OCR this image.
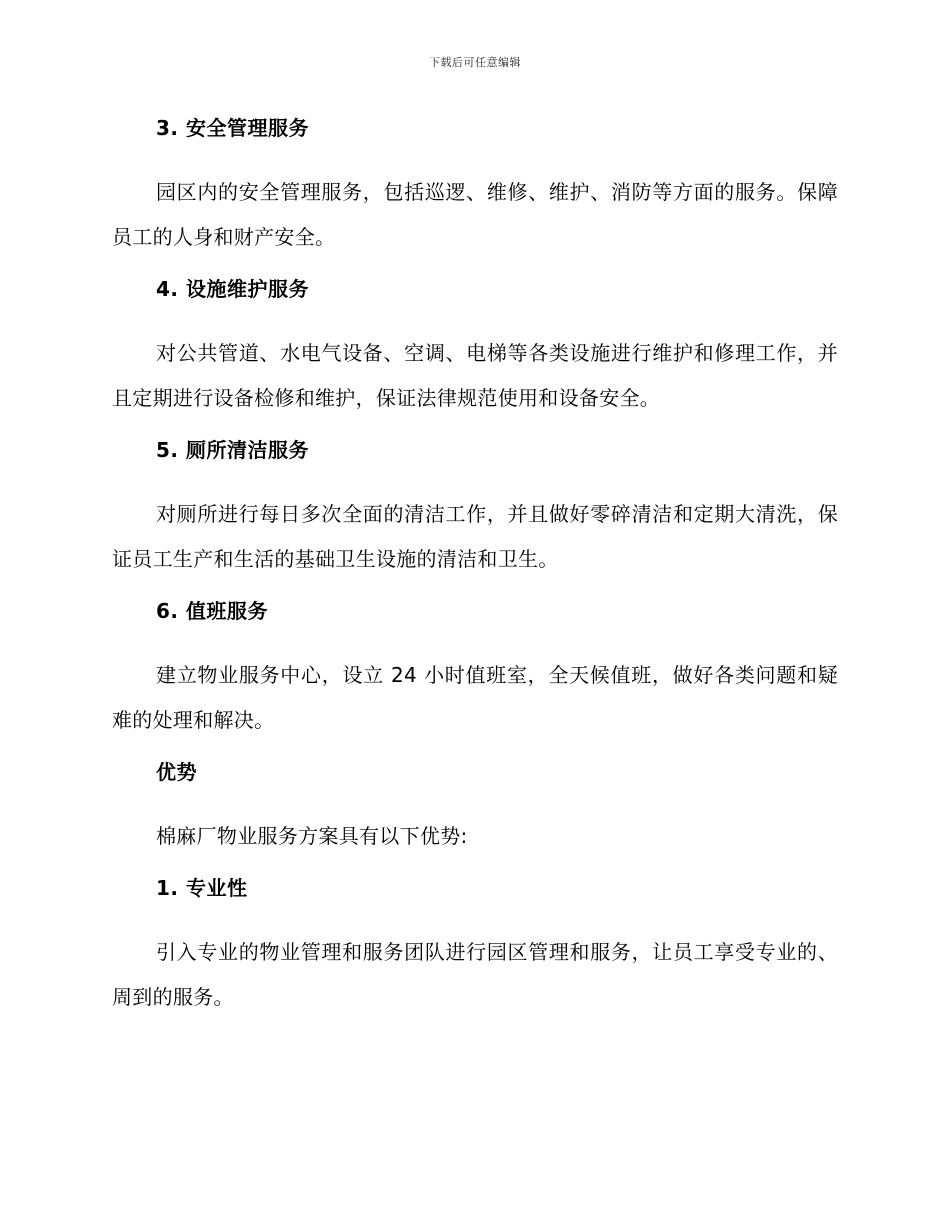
下载后可任意编辑
3. 安全管理服务
园区内的安全管理服务，包括巡逻、维修、维护、消防等方面的服务。保障员工的人身和财产安全。
4. 设施维护服务
对公共管道、水电气设备、空调、电梯等各类设施进行维护和修理工作，并且定期进行设备检修和维护，保证法律规范使用和设备安全。
5. 厕所清洁服务
对厕所进行每日多次全面的清洁工作，并且做好零碎清洁和定期大清洗，保证员工生产和生活的基础卫生设施的清洁和卫生。
6. 值班服务
建立物业服务中心，设立 24 小时值班室，全天候值班，做好各类问题和疑难的处理和解决。
优势
棉麻厂物业服务方案具有以下优势:
1. 专业性
引入专业的物业管理和服务团队进行园区管理和服务，让员工享受专业的、周到的服务。
